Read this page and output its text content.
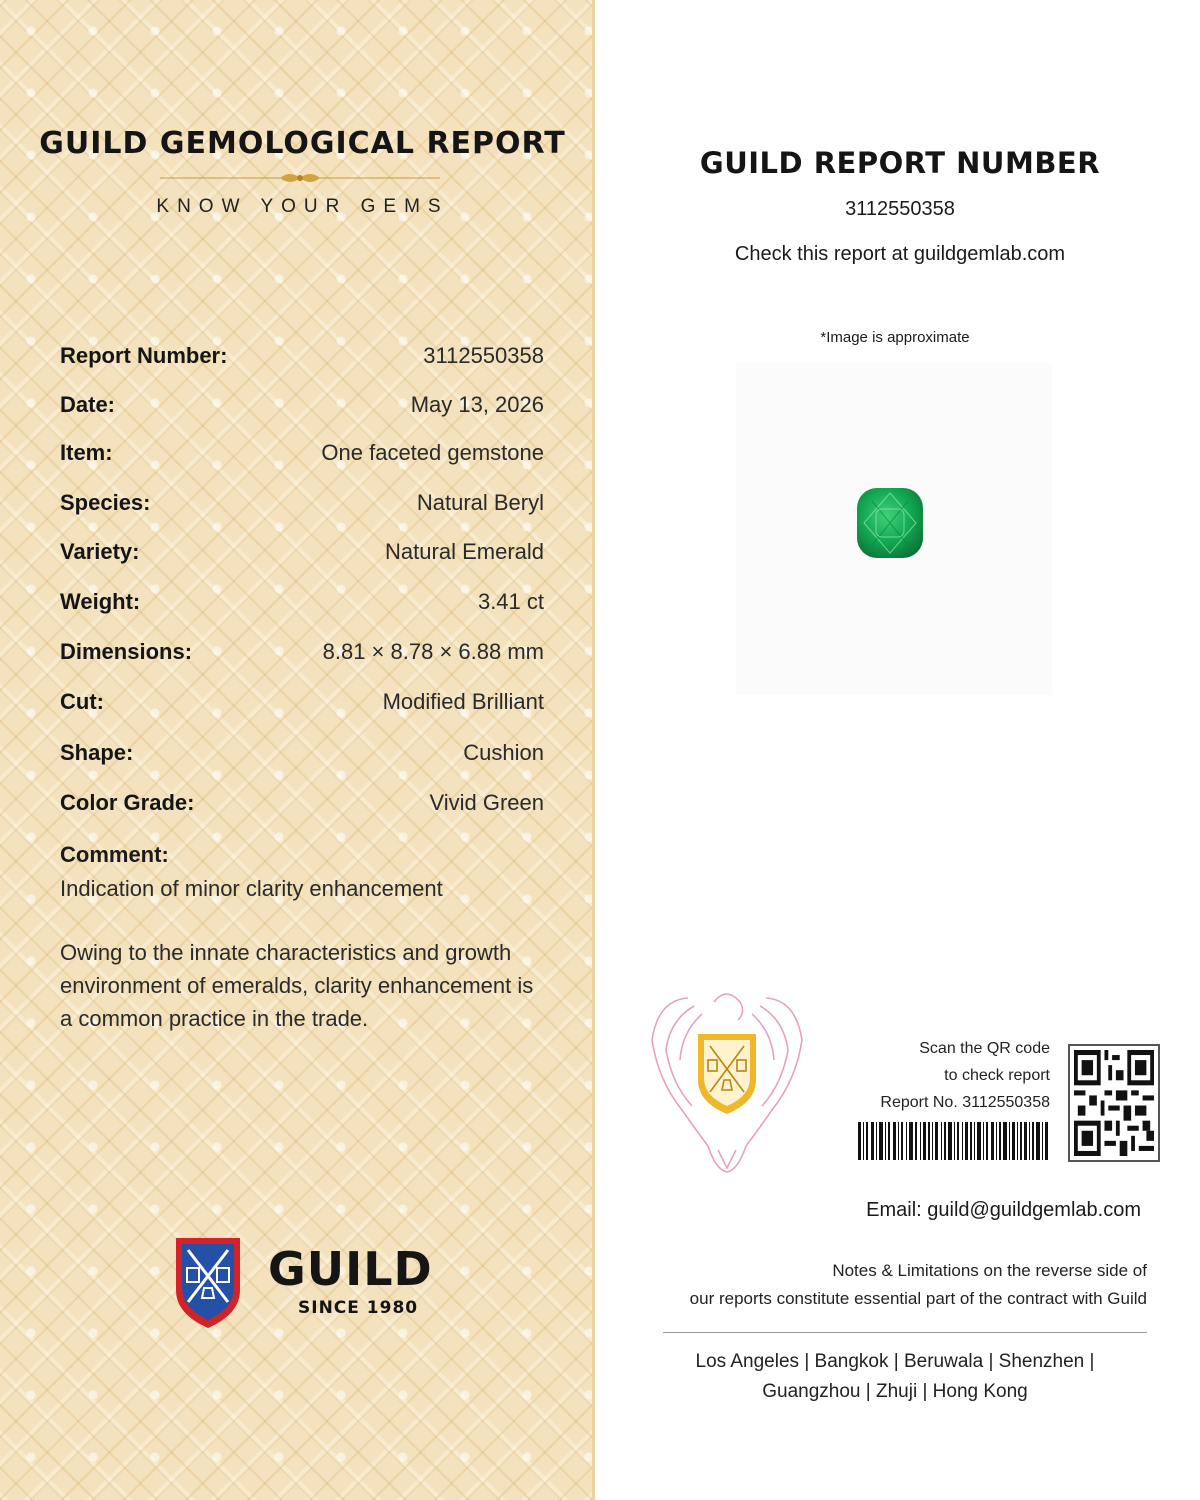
GUILD GEMOLOGICAL REPORT
KNOW YOUR GEMS
Report Number:	3112550358
Date:	May 13, 2026
Item:	One faceted gemstone
Species:	Natural Beryl
Variety:	Natural Emerald
Weight:	3.41 ct
Dimensions:	8.81 × 8.78 × 6.88 mm
Cut:	Modified Brilliant
Shape:	Cushion
Color Grade:	Vivid Green
Comment:
Indication of minor clarity enhancement
Owing to the innate characteristics and growth environment of emeralds, clarity enhancement is a common practice in the trade.
GUILD
SINCE 1980
GUILD REPORT NUMBER
3112550358
Check this report at guildgemlab.com
*Image is approximate
Scan the QR code
to check report
Report No. 3112550358
Email: guild@guildgemlab.com
Notes & Limitations on the reverse side of
our reports constitute essential part of the contract with Guild
Los Angeles | Bangkok | Beruwala | Shenzhen |
Guangzhou | Zhuji | Hong Kong
